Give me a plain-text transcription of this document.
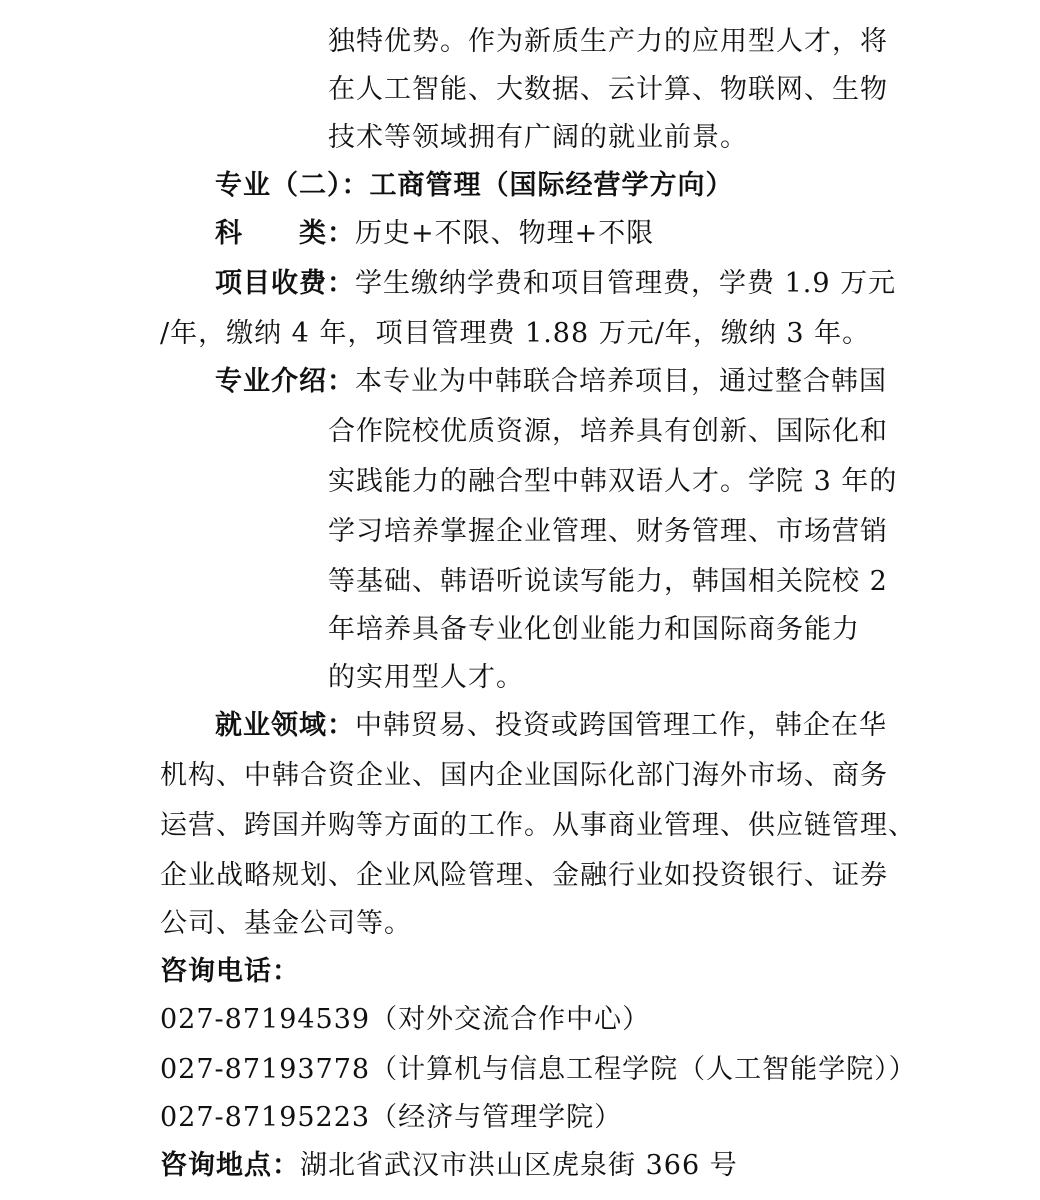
独特优势。作为新质生产力的应用型人才，将
在人工智能、大数据、云计算、物联网、生物
技术等领域拥有广阔的就业前景。
专业（二）：工商管理（国际经营学方向）
科　　类：历史+不限、物理+不限
项目收费：学生缴纳学费和项目管理费，学费 1.9 万元
/年，缴纳 4 年，项目管理费 1.88 万元/年，缴纳 3 年。
专业介绍：本专业为中韩联合培养项目，通过整合韩国
合作院校优质资源，培养具有创新、国际化和
实践能力的融合型中韩双语人才。学院 3 年的
学习培养掌握企业管理、财务管理、市场营销
等基础、韩语听说读写能力，韩国相关院校 2
年培养具备专业化创业能力和国际商务能力
的实用型人才。
就业领域：中韩贸易、投资或跨国管理工作，韩企在华
机构、中韩合资企业、国内企业国际化部门海外市场、商务
运营、跨国并购等方面的工作。从事商业管理、供应链管理、
企业战略规划、企业风险管理、金融行业如投资银行、证券
公司、基金公司等。
咨询电话：
027-87194539（对外交流合作中心）
027-87193778（计算机与信息工程学院（人工智能学院））
027-87195223（经济与管理学院）
咨询地点：湖北省武汉市洪山区虎泉街 366 号
